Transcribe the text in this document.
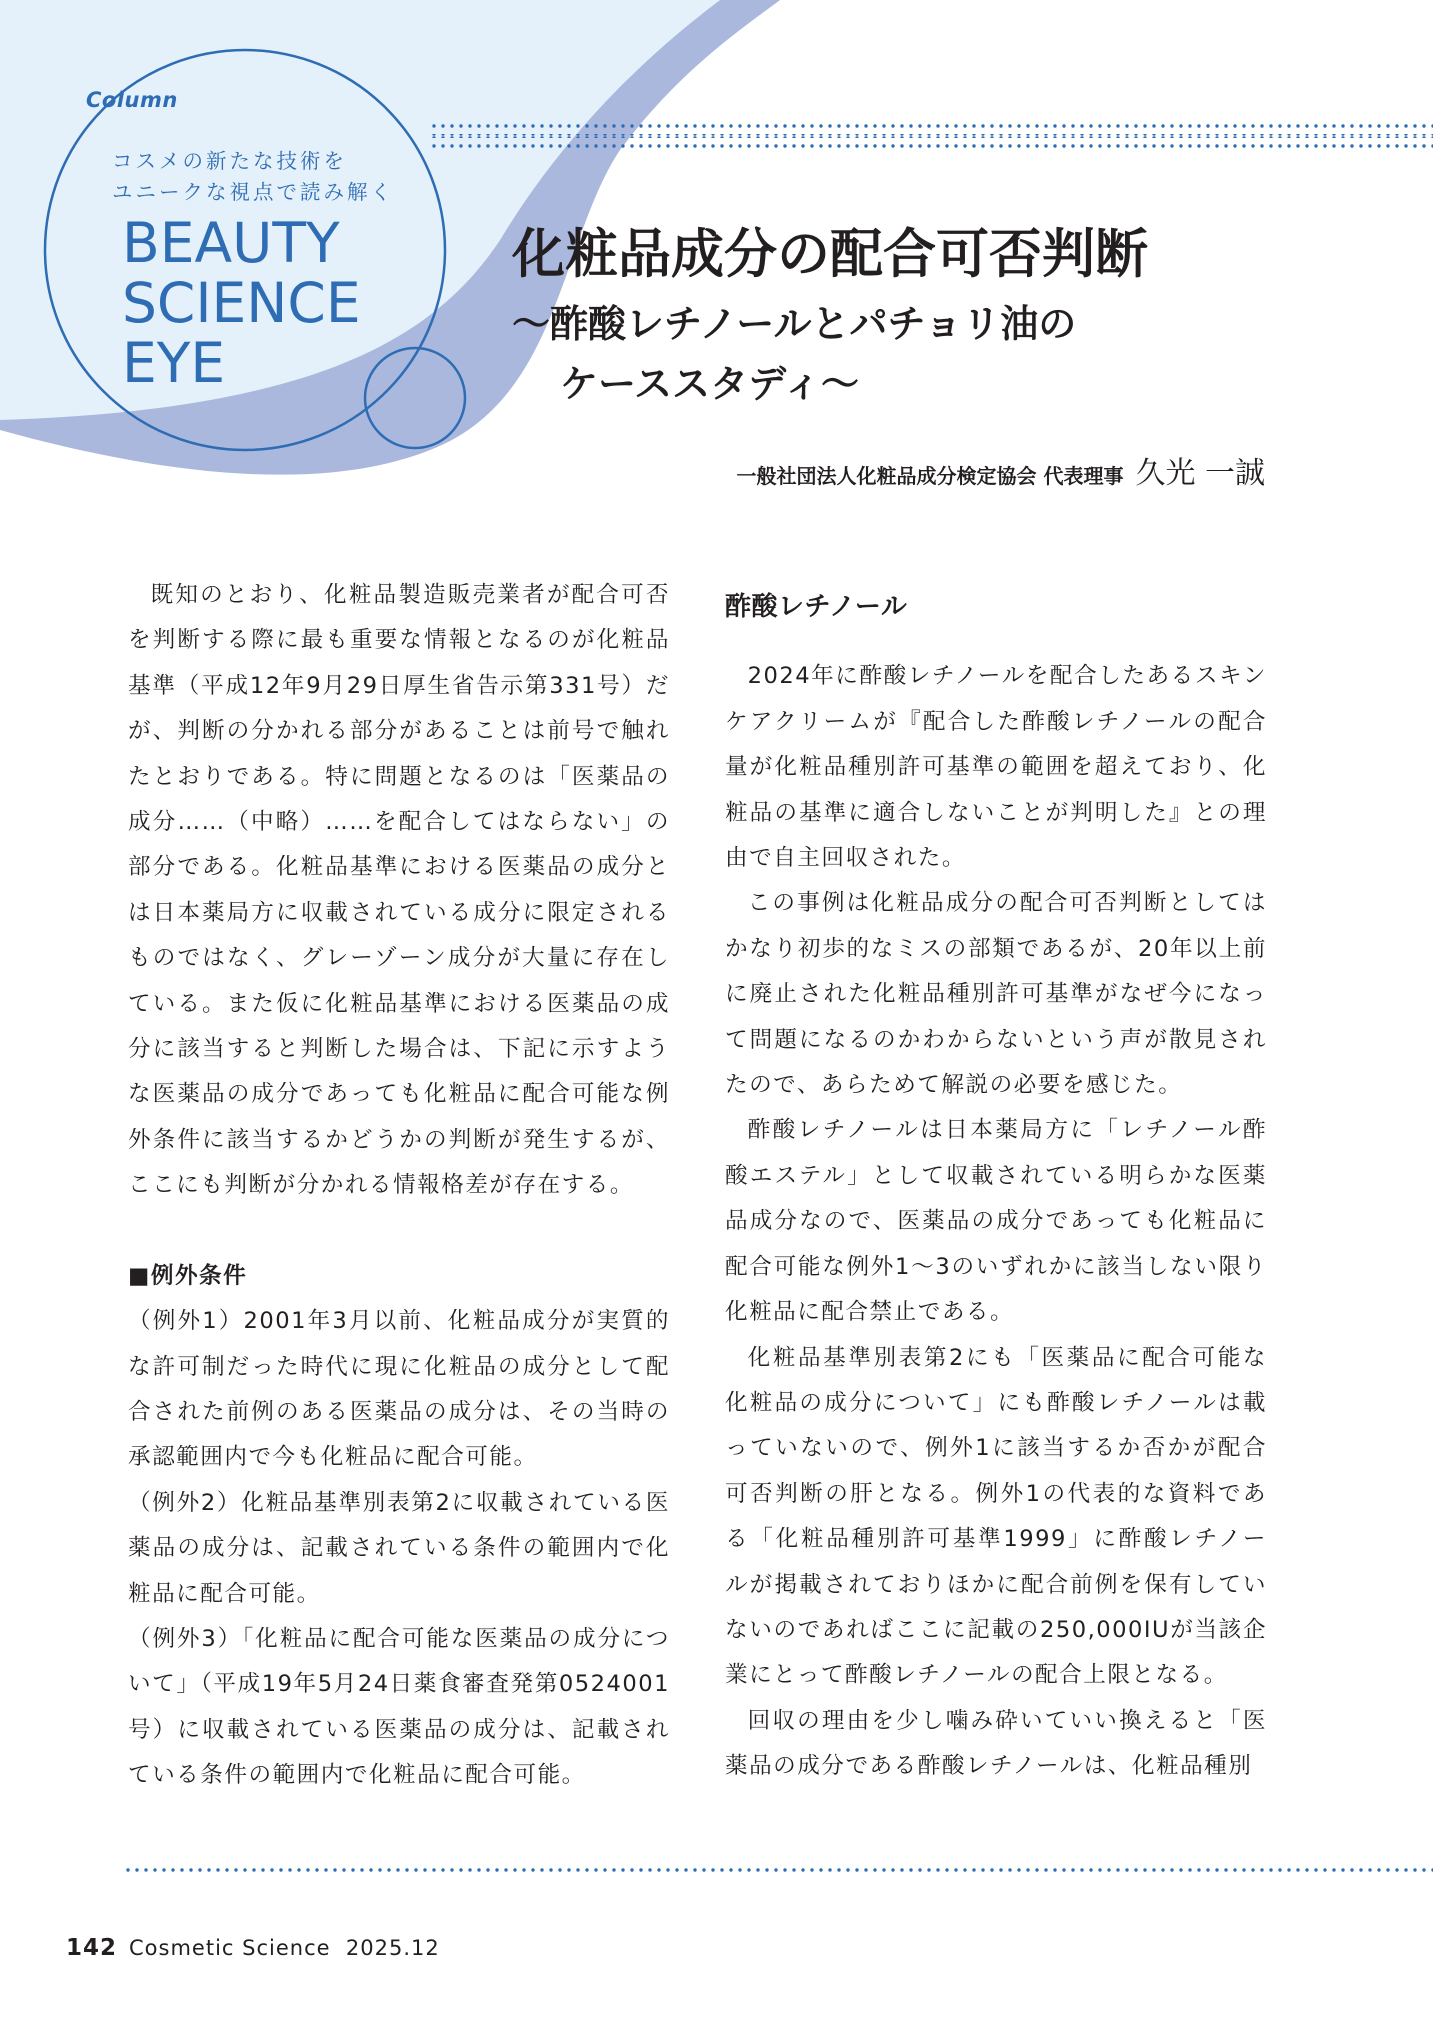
Column
コスメの新たな技術を
ユニークな視点で読み解く
BEAUTY
SCIENCE
EYE
化粧品成分の配合可否判断
～酢酸レチノールとパチョリ油の
ケーススタディ～
一般社団法人化粧品成分検定協会 代表理事 久光 一誠

既知のとおり、化粧品製造販売業者が配合可否を判断する際に最も重要な情報となるのが化粧品基準（平成12年9月29日厚生省告示第331号）だが、判断の分かれる部分があることは前号で触れたとおりである。特に問題となるのは「医薬品の成分……（中略）……を配合してはならない」の部分である。化粧品基準における医薬品の成分とは日本薬局方に収載されている成分に限定されるものではなく、グレーゾーン成分が大量に存在している。また仮に化粧品基準における医薬品の成分に該当すると判断した場合は、下記に示すような医薬品の成分であっても化粧品に配合可能な例外条件に該当するかどうかの判断が発生するが、ここにも判断が分かれる情報格差が存在する。

■例外条件

（例外1）2001年3月以前、化粧品成分が実質的な許可制だった時代に現に化粧品の成分として配合された前例のある医薬品の成分は、その当時の承認範囲内で今も化粧品に配合可能。

（例外2）化粧品基準別表第2に収載されている医薬品の成分は、記載されている条件の範囲内で化粧品に配合可能。

（例外3）「化粧品に配合可能な医薬品の成分について」（平成19年5月24日薬食審査発第0524001号）に収載されている医薬品の成分は、記載されている条件の範囲内で化粧品に配合可能。

酢酸レチノール

2024年に酢酸レチノールを配合したあるスキンケアクリームが『配合した酢酸レチノールの配合量が化粧品種別許可基準の範囲を超えており、化粧品の基準に適合しないことが判明した』との理由で自主回収された。

この事例は化粧品成分の配合可否判断としてはかなり初歩的なミスの部類であるが、20年以上前に廃止された化粧品種別許可基準がなぜ今になって問題になるのかわからないという声が散見されたので、あらためて解説の必要を感じた。

酢酸レチノールは日本薬局方に「レチノール酢酸エステル」として収載されている明らかな医薬品成分なので、医薬品の成分であっても化粧品に配合可能な例外1～3のいずれかに該当しない限り化粧品に配合禁止である。

化粧品基準別表第2にも「医薬品に配合可能な化粧品の成分について」にも酢酸レチノールは載っていないので、例外1に該当するか否かが配合可否判断の肝となる。例外1の代表的な資料である「化粧品種別許可基準1999」に酢酸レチノールが掲載されておりほかに配合前例を保有していないのであればここに記載の250,000IUが当該企業にとって酢酸レチノールの配合上限となる。

回収の理由を少し噛み砕いていい換えると「医薬品の成分である酢酸レチノールは、化粧品種別

142 Cosmetic Science 2025.12
